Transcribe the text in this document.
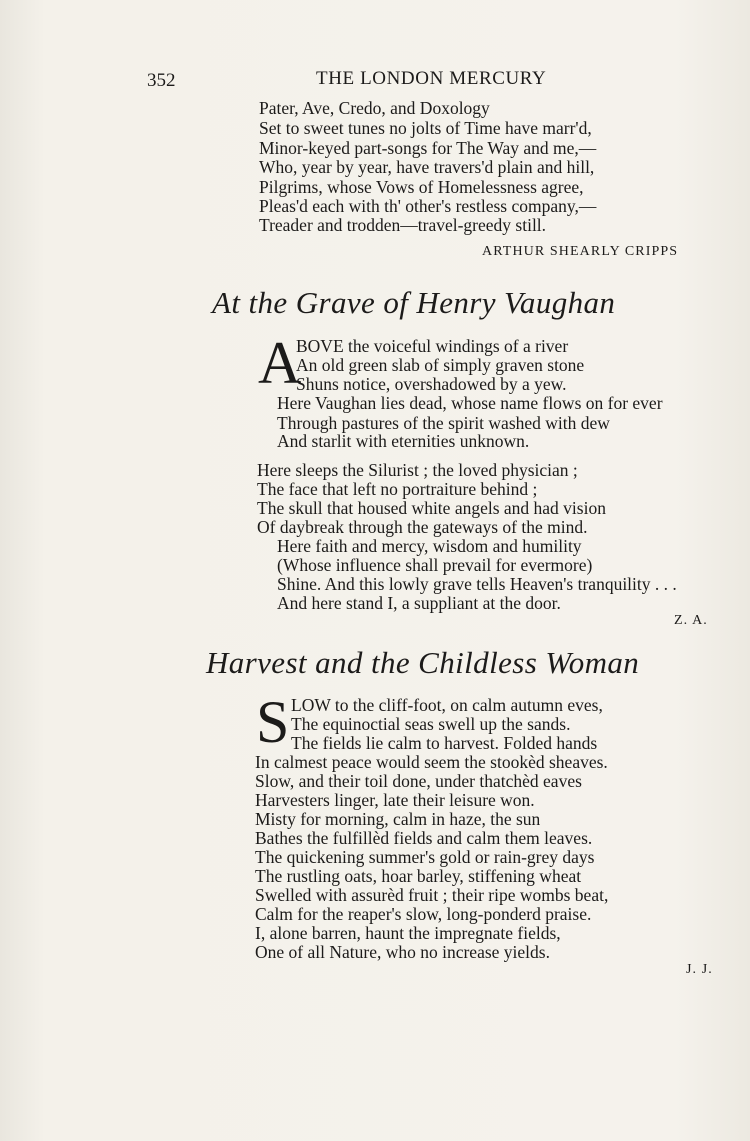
352	THE LONDON MERCURY
Pater, Ave, Credo, and Doxology
Set to sweet tunes no jolts of Time have marr'd,
Minor-keyed part-songs for The Way and me,—
Who, year by year, have travers'd plain and hill,
Pilgrims, whose Vows of Homelessness agree,
Pleas'd each with th' other's restless company,—
Treader and trodden—travel-greedy still.
ARTHUR SHEARLY CRIPPS
At the Grave of Henry Vaughan
A
BOVE the voiceful windings of a river
An old green slab of simply graven stone
Shuns notice, overshadowed by a yew.
Here Vaughan lies dead, whose name flows on for ever
Through pastures of the spirit washed with dew
And starlit with eternities unknown.
Here sleeps the Silurist ; the loved physician ;
The face that left no portraiture behind ;
The skull that housed white angels and had vision
Of daybreak through the gateways of the mind.
Here faith and mercy, wisdom and humility
(Whose influence shall prevail for evermore)
Shine. And this lowly grave tells Heaven's tranquility . . .
And here stand I, a suppliant at the door.
Z. A.
Harvest and the Childless Woman
S LOW to the cliff-foot, on calm autumn eves,
The equinoctial seas swell up the sands.
The fields lie calm to harvest. Folded hands
In calmest peace would seem the stookèd sheaves.
Slow, and their toil done, under thatchèd eaves
Harvesters linger, late their leisure won.
Misty for morning, calm in haze, the sun
Bathes the fulfillèd fields and calm them leaves.
The quickening summer's gold or rain-grey days
The rustling oats, hoar barley, stiffening wheat
Swelled with assurèd fruit ; their ripe wombs beat,
Calm for the reaper's slow, long-ponderd praise.
I, alone barren, haunt the impregnate fields,
One of all Nature, who no increase yields.
J. J.
